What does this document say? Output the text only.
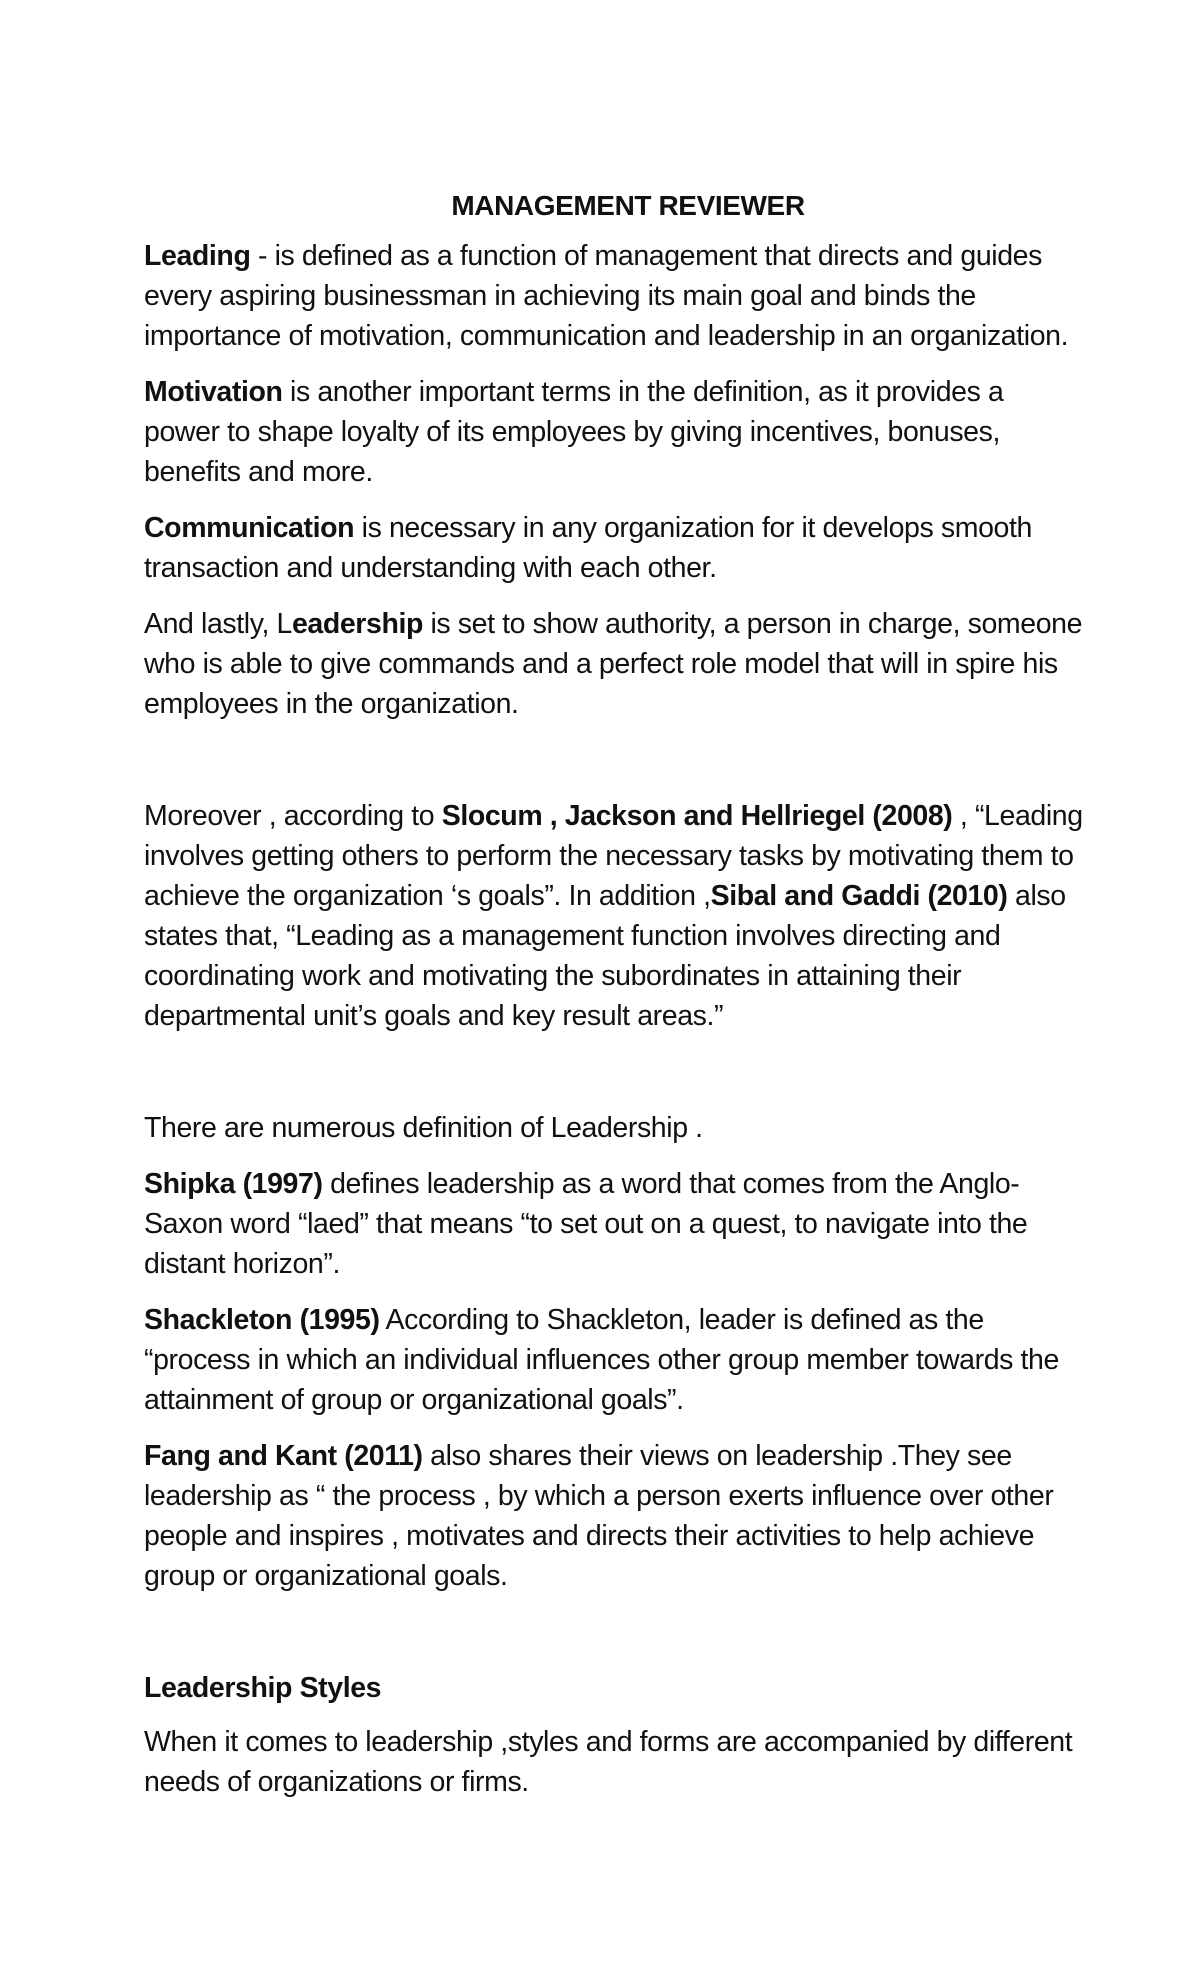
MANAGEMENT REVIEWER

Leading - is defined as a function of management that directs and guides every aspiring businessman in achieving its main goal and binds the importance of motivation, communication and leadership in an organization.

Motivation is another important terms in the definition, as it provides a power to shape loyalty of its employees by giving incentives, bonuses, benefits and more.

Communication is necessary in any organization for it develops smooth transaction and understanding with each other.

And lastly, Leadership is set to show authority, a person in charge, someone who is able to give commands and a perfect role model that will in spire his employees in the organization.

Moreover , according to Slocum , Jackson and Hellriegel (2008) , “Leading involves getting others to perform the necessary tasks by motivating them to achieve the organization ‘s goals”. In addition ,Sibal and Gaddi (2010) also states that, “Leading as a management function involves directing and coordinating work and motivating the subordinates in attaining their departmental unit’s goals and key result areas.”

There are numerous definition of Leadership .

Shipka (1997) defines leadership as a word that comes from the Anglo-Saxon word “laed” that means “to set out on a quest, to navigate into the distant horizon”.

Shackleton (1995) According to Shackleton, leader is defined as the “process in which an individual influences other group member towards the attainment of group or organizational goals”.

Fang and Kant (2011) also shares their views on leadership .They see leadership as “ the process , by which a person exerts influence over other people and inspires , motivates and directs their activities to help achieve group or organizational goals.

Leadership Styles

When it comes to leadership ,styles and forms are accompanied by different needs of organizations or firms.
